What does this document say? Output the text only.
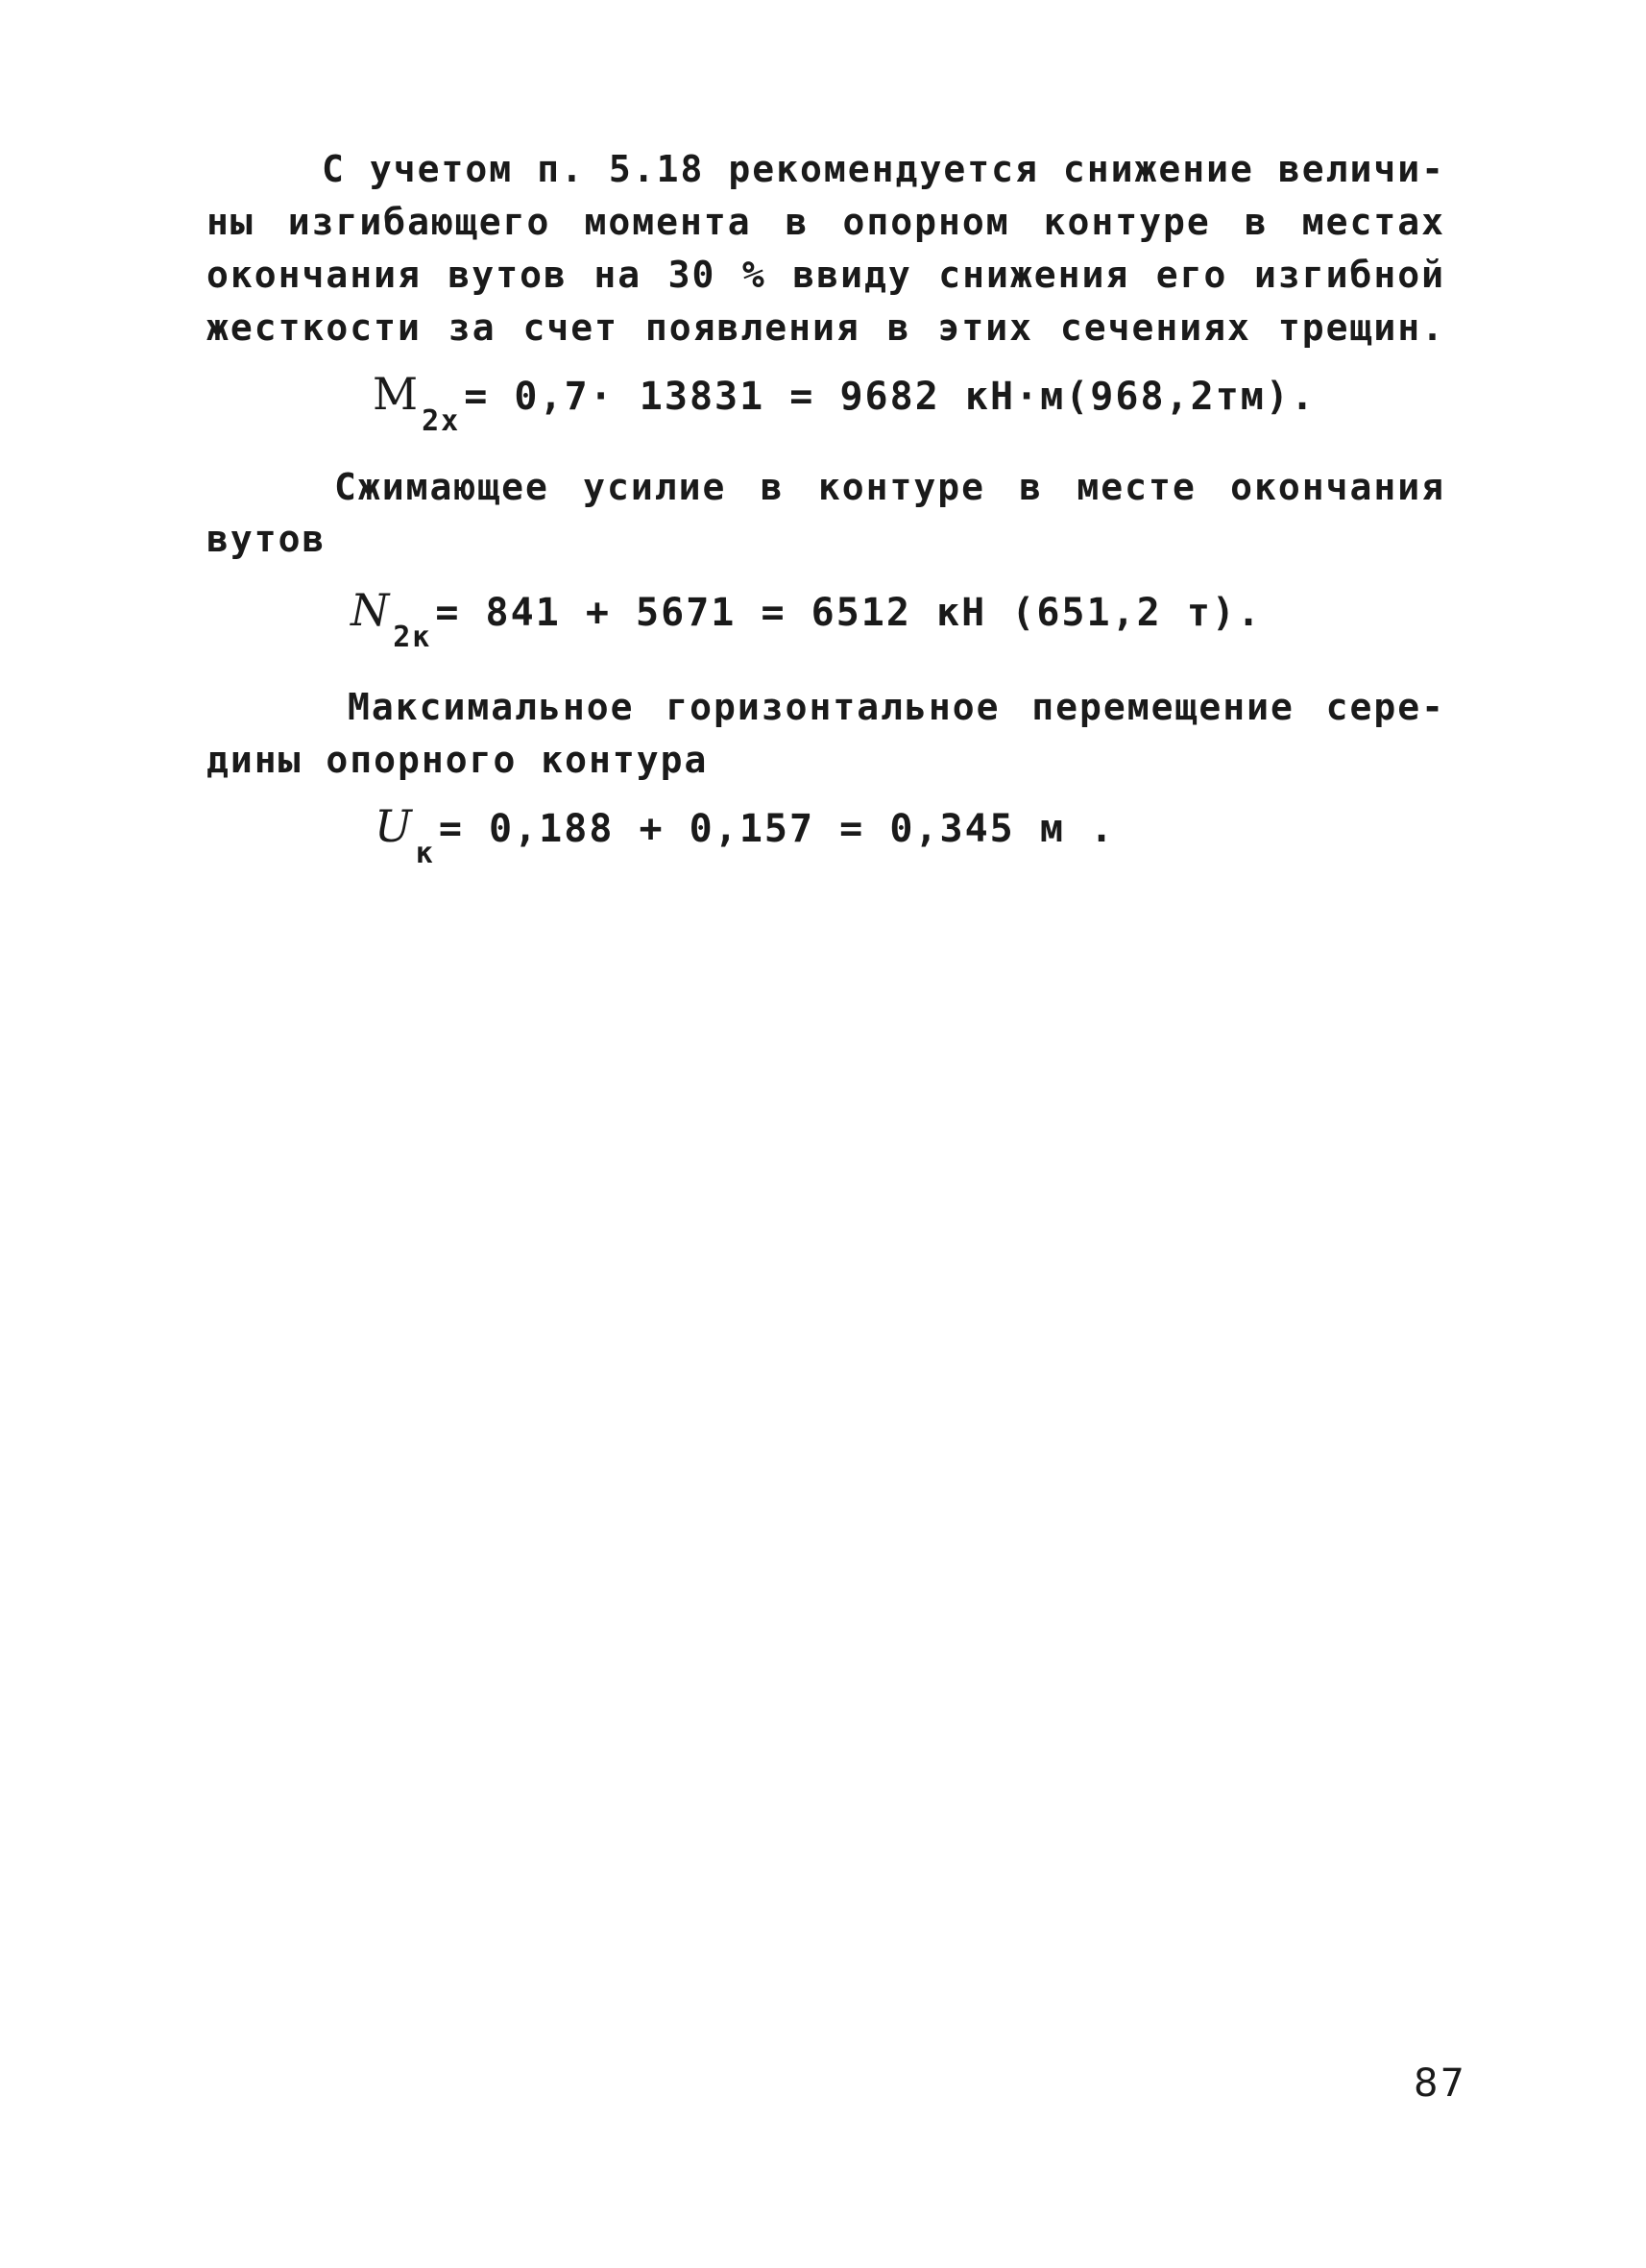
С учетом п. 5.18 рекомендуется снижение величи-
ны изгибающего момента в опорном контуре в местах
окончания вутов на 30 % ввиду снижения его изгибной
жесткости за счет появления в этих сечениях трещин.
$M_{2x}= 0,7\cdot 13831 = 9682$ кН·м(968,2тм).
Сжимающее усилие в контуре в месте окончания
вутов
$N_{2к}= 841 + 5671 = 6512$ кН (651,2 т).
Максимальное горизонтальное перемещение сере-
дины опорного контура
$U_к= 0,188 + 0,157 = 0,345$ м .
87
